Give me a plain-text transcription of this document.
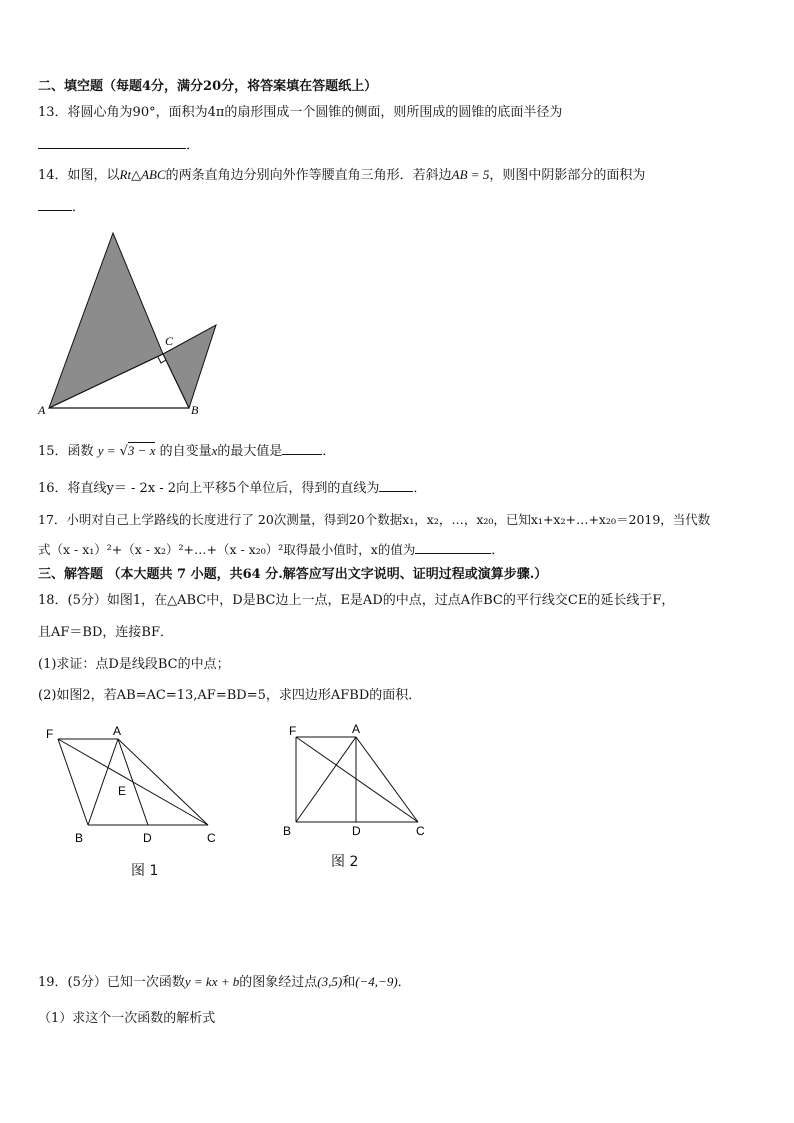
二、填空题（每题4分，满分20分，将答案填在答题纸上）
13．将圆心角为90°，面积为4π的扇形围成一个圆锥的侧面，则所围成的圆锥的底面半径为
．
14．如图，以Rt△ABC的两条直角边分别向外作等腰直角三角形．若斜边AB = 5，则图中阴影部分的面积为
．
A	B
C
15．函数 y = √3 − x 的自变量x的最大值是	．
16．将直线y＝ - 2x - 2向上平移5个单位后，得到的直线为	．
17．小明对自己上学路线的长度进行了 20次测量，得到20个数据x₁，x₂，…，x₂₀，已知x₁+x₂+…+x₂₀＝2019，当代数
式（x - x₁）²+（x - x₂）²+…+（x - x₂₀）²取得最小值时，x的值为	．
三、解答题 （本大题共 7 小题，共64 分.解答应写出文字说明、证明过程或演算步骤.）
18．(5分）如图1，在△ABC中，D是BC边上一点，E是AD的中点，过点A作BC的平行线交CE的延长线于F，
且AF＝BD，连接BF．
(1)求证：点D是线段BC的中点；
(2)如图2，若AB=AC=13,AF=BD=5，求四边形AFBD的面积．
F	A
E
B	D	C
图 1
F	A
B	D	C
图 2
19．(5分）已知一次函数y = kx + b的图象经过点(3,5)和(−4,−9)．
（1）求这个一次函数的解析式
